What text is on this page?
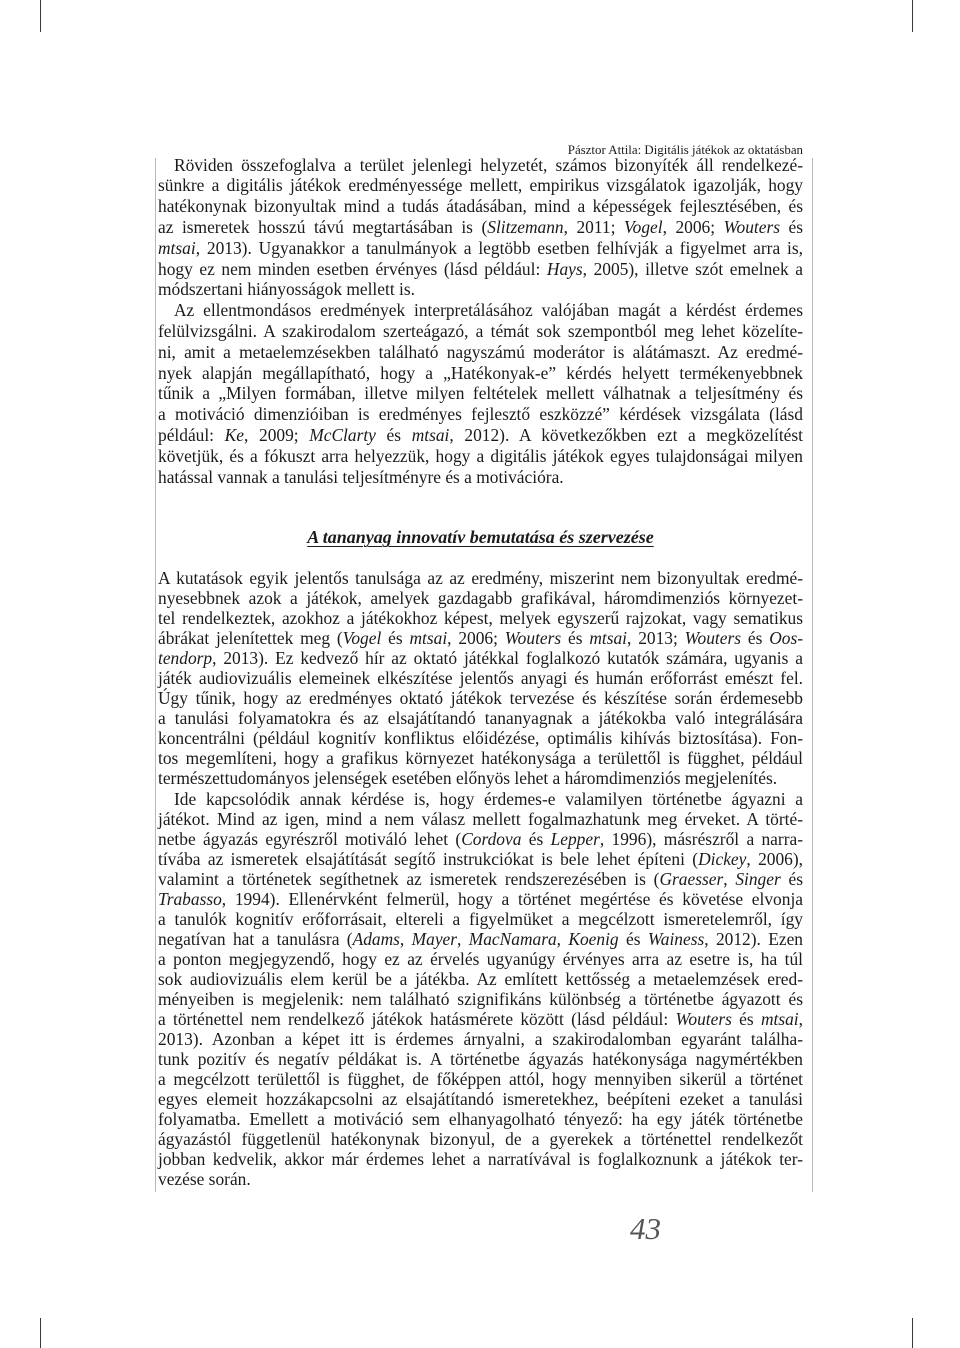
Pásztor Attila: Digitális játékok az oktatásban
Röviden összefoglalva a terület jelenlegi helyzetét, számos bizonyíték áll rendelkezé-
sünkre a digitális játékok eredményessége mellett, empirikus vizsgálatok igazolják, hogy
hatékonynak bizonyultak mind a tudás átadásában, mind a képességek fejlesztésében, és
az ismeretek hosszú távú megtartásában is (Slitzemann, 2011; Vogel, 2006; Wouters és
mtsai, 2013). Ugyanakkor a tanulmányok a legtöbb esetben felhívják a figyelmet arra is,
hogy ez nem minden esetben érvényes (lásd például: Hays, 2005), illetve szót emelnek a
módszertani hiányosságok mellett is.
Az ellentmondásos eredmények interpretálásához valójában magát a kérdést érdemes
felülvizsgálni. A szakirodalom szerteágazó, a témát sok szempontból meg lehet közelíte-
ni, amit a metaelemzésekben található nagyszámú moderátor is alátámaszt. Az eredmé-
nyek alapján megállapítható, hogy a „Hatékonyak-e” kérdés helyett termékenyebbnek
tűnik a „Milyen formában, illetve milyen feltételek mellett válhatnak a teljesítmény és
a motiváció dimenzióiban is eredményes fejlesztő eszközzé” kérdések vizsgálata (lásd
például: Ke, 2009; McClarty és mtsai, 2012). A következőkben ezt a megközelítést
követjük, és a fókuszt arra helyezzük, hogy a digitális játékok egyes tulajdonságai milyen
hatással vannak a tanulási teljesítményre és a motivációra.
A tananyag innovatív bemutatása és szervezése
A kutatások egyik jelentős tanulsága az az eredmény, miszerint nem bizonyultak eredmé-
nyesebbnek azok a játékok, amelyek gazdagabb grafikával, háromdimenziós környezet-
tel rendelkeztek, azokhoz a játékokhoz képest, melyek egyszerű rajzokat, vagy sematikus
ábrákat jelenítettek meg (Vogel és mtsai, 2006; Wouters és mtsai, 2013; Wouters és Oos-
tendorp, 2013). Ez kedvező hír az oktató játékkal foglalkozó kutatók számára, ugyanis a
játék audiovizuális elemeinek elkészítése jelentős anyagi és humán erőforrást emészt fel.
Úgy tűnik, hogy az eredményes oktató játékok tervezése és készítése során érdemesebb
a tanulási folyamatokra és az elsajátítandó tananyagnak a játékokba való integrálására
koncentrálni (például kognitív konfliktus előidézése, optimális kihívás biztosítása). Fon-
tos megemlíteni, hogy a grafikus környezet hatékonysága a területtől is függhet, például
természettudományos jelenségek esetében előnyös lehet a háromdimenziós megjelenítés.
Ide kapcsolódik annak kérdése is, hogy érdemes-e valamilyen történetbe ágyazni a
játékot. Mind az igen, mind a nem válasz mellett fogalmazhatunk meg érveket. A törté-
netbe ágyazás egyrészről motiváló lehet (Cordova és Lepper, 1996), másrészről a narra-
tívába az ismeretek elsajátítását segítő instrukciókat is bele lehet építeni (Dickey, 2006),
valamint a történetek segíthetnek az ismeretek rendszerezésében is (Graesser, Singer és
Trabasso, 1994). Ellenérvként felmerül, hogy a történet megértése és követése elvonja
a tanulók kognitív erőforrásait, eltereli a figyelmüket a megcélzott ismeretelemről, így
negatívan hat a tanulásra (Adams, Mayer, MacNamara, Koenig és Wainess, 2012). Ezen
a ponton megjegyzendő, hogy ez az érvelés ugyanúgy érvényes arra az esetre is, ha túl
sok audiovizuális elem kerül be a játékba. Az említett kettősség a metaelemzések ered-
ményeiben is megjelenik: nem található szignifikáns különbség a történetbe ágyazott és
a történettel nem rendelkező játékok hatásmérete között (lásd például: Wouters és mtsai,
2013). Azonban a képet itt is érdemes árnyalni, a szakirodalomban egyaránt találha-
tunk pozitív és negatív példákat is. A történetbe ágyazás hatékonysága nagymértékben
a megcélzott területtől is függhet, de főképpen attól, hogy mennyiben sikerül a történet
egyes elemeit hozzákapcsolni az elsajátítandó ismeretekhez, beépíteni ezeket a tanulási
folyamatba. Emellett a motiváció sem elhanyagolható tényező: ha egy játék történetbe
ágyazástól függetlenül hatékonynak bizonyul, de a gyerekek a történettel rendelkezőt
jobban kedvelik, akkor már érdemes lehet a narratívával is foglalkoznunk a játékok ter-
vezése során.
43
